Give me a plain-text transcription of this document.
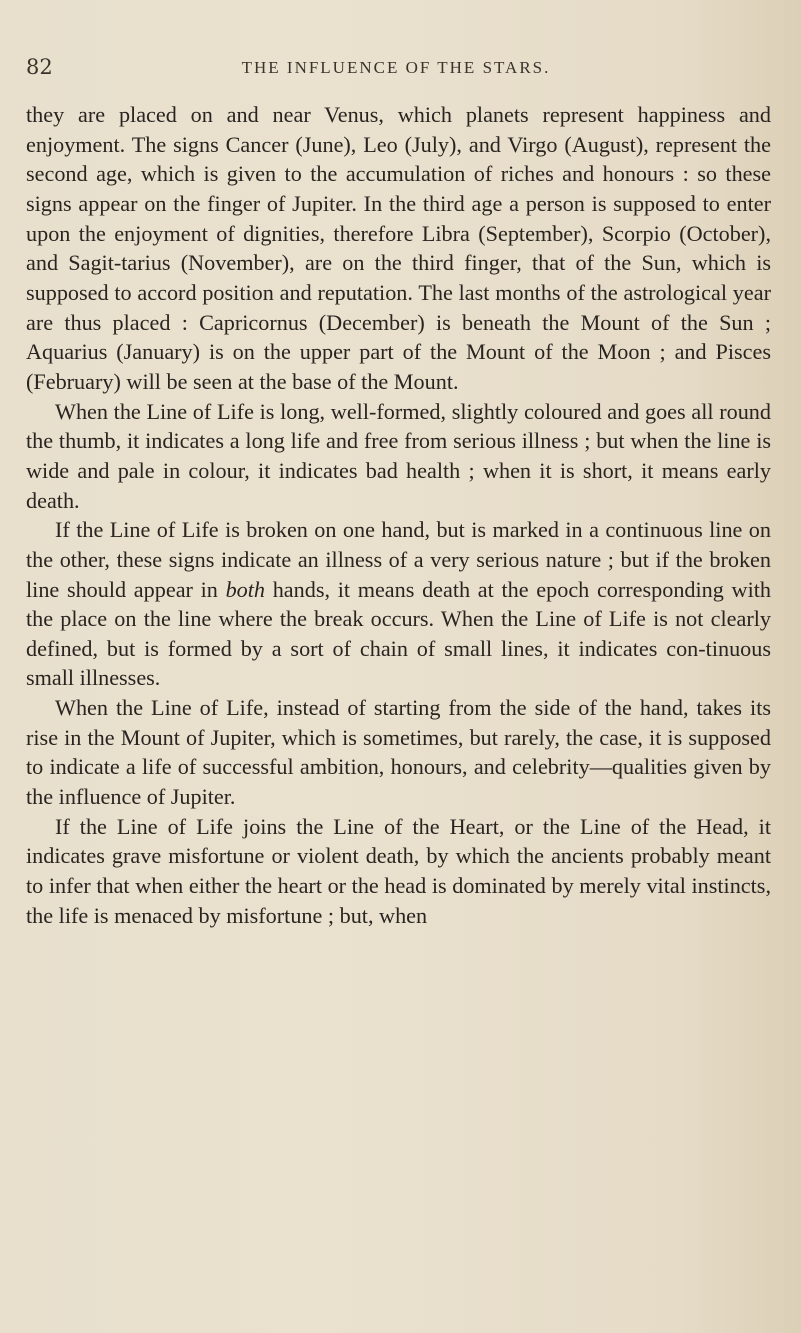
82	THE INFLUENCE OF THE STARS.

they are placed on and near Venus, which planets represent happiness and enjoyment. The signs Cancer (June), Leo (July), and Virgo (August), represent the second age, which is given to the accumulation of riches and honours : so these signs appear on the finger of Jupiter. In the third age a person is supposed to enter upon the enjoyment of dignities, therefore Libra (September), Scorpio (October), and Sagit-tarius (November), are on the third finger, that of the Sun, which is supposed to accord position and reputation. The last months of the astrological year are thus placed : Capricornus (December) is beneath the Mount of the Sun ; Aquarius (January) is on the upper part of the Mount of the Moon ; and Pisces (February) will be seen at the base of the Mount.

When the Line of Life is long, well-formed, slightly coloured and goes all round the thumb, it indicates a long life and free from serious illness ; but when the line is wide and pale in colour, it indicates bad health ; when it is short, it means early death.

If the Line of Life is broken on one hand, but is marked in a continuous line on the other, these signs indicate an illness of a very serious nature ; but if the broken line should appear in both hands, it means death at the epoch corresponding with the place on the line where the break occurs. When the Line of Life is not clearly defined, but is formed by a sort of chain of small lines, it indicates con-tinuous small illnesses.

When the Line of Life, instead of starting from the side of the hand, takes its rise in the Mount of Jupiter, which is sometimes, but rarely, the case, it is supposed to indicate a life of successful ambition, honours, and celebrity—qualities given by the influence of Jupiter.

If the Line of Life joins the Line of the Heart, or the Line of the Head, it indicates grave misfortune or violent death, by which the ancients probably meant to infer that when either the heart or the head is dominated by merely vital instincts, the life is menaced by misfortune ; but, when
